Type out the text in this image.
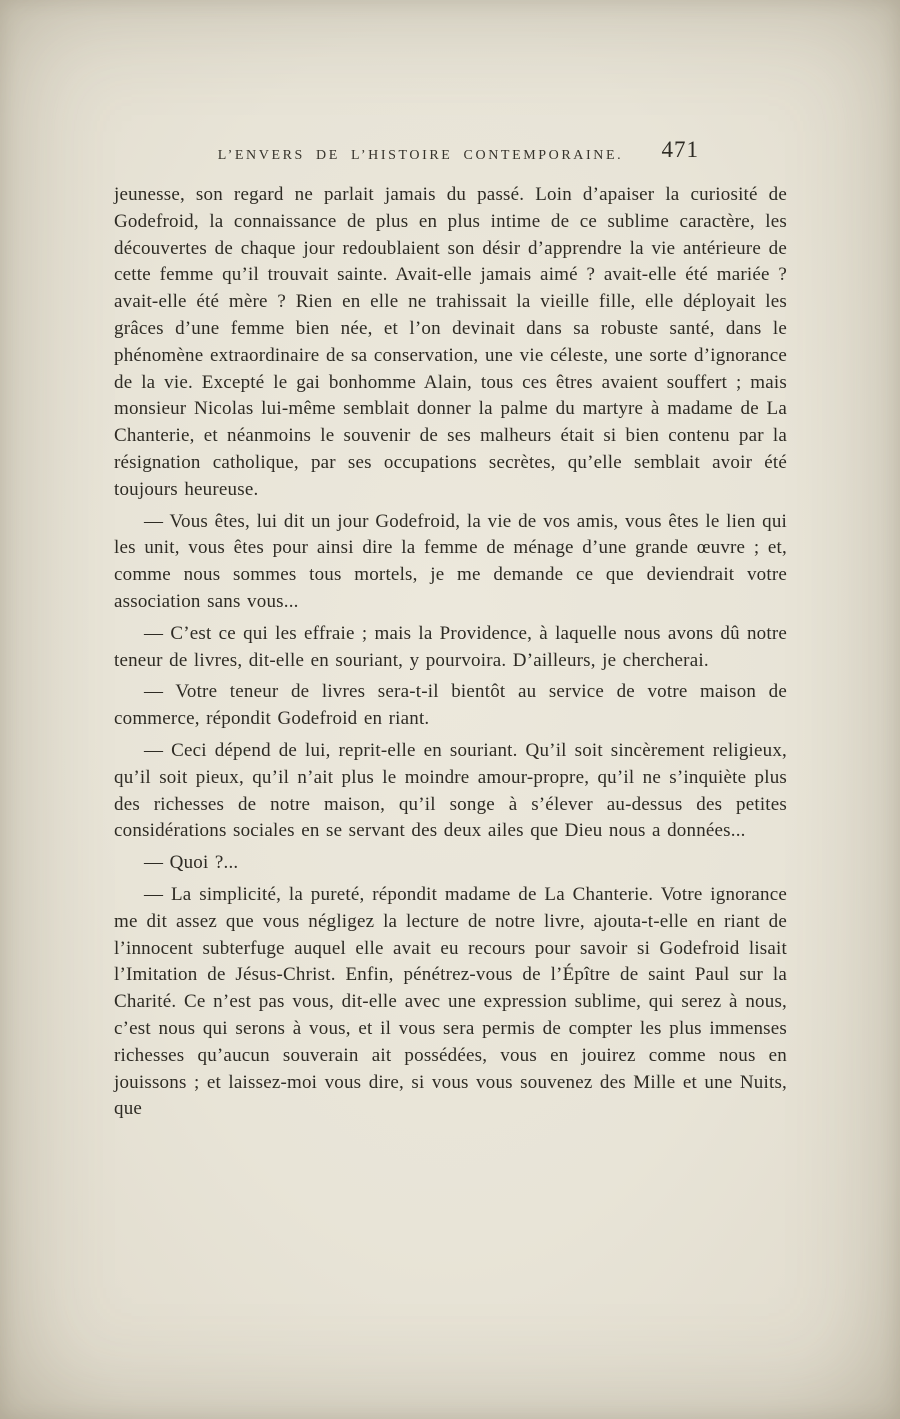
L’ENVERS DE L’HISTOIRE CONTEMPORAINE.	471

jeunesse, son regard ne parlait jamais du passé. Loin d’apaiser la curiosité de Godefroid, la connaissance de plus en plus intime de ce sublime caractère, les découvertes de chaque jour redoublaient son désir d’apprendre la vie antérieure de cette femme qu’il trouvait sainte. Avait-elle jamais aimé ? avait-elle été mariée ? avait-elle été mère ? Rien en elle ne trahissait la vieille fille, elle déployait les grâces d’une femme bien née, et l’on devinait dans sa robuste santé, dans le phénomène extraordinaire de sa conservation, une vie céleste, une sorte d’ignorance de la vie. Excepté le gai bonhomme Alain, tous ces êtres avaient souffert ; mais monsieur Nicolas lui-même semblait donner la palme du martyre à madame de La Chanterie, et néanmoins le souvenir de ses malheurs était si bien contenu par la résignation catholique, par ses occupations secrètes, qu’elle semblait avoir été toujours heureuse.

— Vous êtes, lui dit un jour Godefroid, la vie de vos amis, vous êtes le lien qui les unit, vous êtes pour ainsi dire la femme de ménage d’une grande œuvre ; et, comme nous sommes tous mortels, je me demande ce que deviendrait votre association sans vous...

— C’est ce qui les effraie ; mais la Providence, à laquelle nous avons dû notre teneur de livres, dit-elle en souriant, y pourvoira. D’ailleurs, je chercherai.

— Votre teneur de livres sera-t-il bientôt au service de votre maison de commerce, répondit Godefroid en riant.

— Ceci dépend de lui, reprit-elle en souriant. Qu’il soit sincèrement religieux, qu’il soit pieux, qu’il n’ait plus le moindre amour-propre, qu’il ne s’inquiète plus des richesses de notre maison, qu’il songe à s’élever au-dessus des petites considérations sociales en se servant des deux ailes que Dieu nous a données...

— Quoi ?...

— La simplicité, la pureté, répondit madame de La Chanterie. Votre ignorance me dit assez que vous négligez la lecture de notre livre, ajouta-t-elle en riant de l’innocent subterfuge auquel elle avait eu recours pour savoir si Godefroid lisait l’Imitation de Jésus-Christ. Enfin, pénétrez-vous de l’Épître de saint Paul sur la Charité. Ce n’est pas vous, dit-elle avec une expression sublime, qui serez à nous, c’est nous qui serons à vous, et il vous sera permis de compter les plus immenses richesses qu’aucun souverain ait possédées, vous en jouirez comme nous en jouissons ; et laissez-moi vous dire, si vous vous souvenez des Mille et une Nuits, que
